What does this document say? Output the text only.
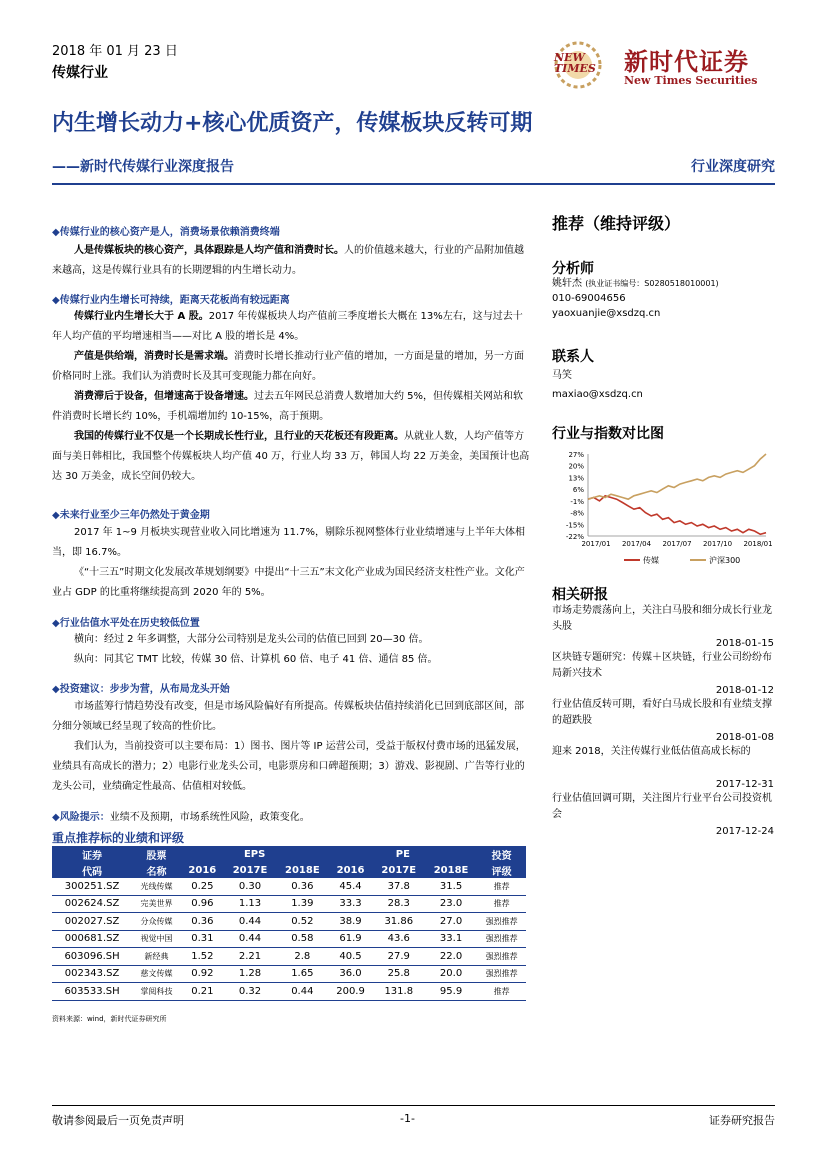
2018 年 01 月 23 日
传媒行业
NEW
TIMES 新时代证券
New Times Securities
内生增长动力+核心优质资产，传媒板块反转可期
——新时代传媒行业深度报告	行业深度研究
◆传媒行业的核心资产是人，消费场景依赖消费终端

人是传媒板块的核心资产，具体跟踪是人均产值和消费时长。人的价值越来越大，行业的产品附加值越来越高，这是传媒行业具有的长期逻辑的内生增长动力。

◆传媒行业内生增长可持续，距离天花板尚有较远距离

传媒行业内生增长大于 A 股。2017 年传媒板块人均产值前三季度增长大概在 13%左右，这与过去十年人均产值的平均增速相当——对比 A 股的增长是 4%。

产值是供给端，消费时长是需求端。消费时长增长推动行业产值的增加，一方面是量的增加，另一方面价格同时上涨。我们认为消费时长及其可变现能力都在向好。

消费滞后于设备，但增速高于设备增速。过去五年网民总消费人数增加大约 5%，但传媒相关网站和软件消费时长增长约 10%，手机端增加约 10-15%，高于预期。

我国的传媒行业不仅是一个长期成长性行业，且行业的天花板还有段距离。从就业人数，人均产值等方面与美日韩相比，我国整个传媒板块人均产值 40 万，行业人均 33 万，韩国人均 22 万美金，美国预计也高达 30 万美金，成长空间仍较大。

◆未来行业至少三年仍然处于黄金期

2017 年 1~9 月板块实现营业收入同比增速为 11.7%，剔除乐视网整体行业业绩增速与上半年大体相当，即 16.7%。

《“十三五”时期文化发展改革规划纲要》中提出“十三五”末文化产业成为国民经济支柱性产业。文化产业占 GDP 的比重将继续提高到 2020 年的 5%。

◆行业估值水平处在历史较低位置

横向：经过 2 年多调整，大部分公司特别是龙头公司的估值已回到 20—30 倍。

纵向：同其它 TMT 比较，传媒 30 倍、计算机 60 倍、电子 41 倍、通信 85 倍。

◆投资建议：步步为营，从布局龙头开始

市场蓝筹行情趋势没有改变，但是市场风险偏好有所提高。传媒板块估值持续消化已回到底部区间，部分细分领域已经呈现了较高的性价比。

我们认为，当前投资可以主要布局：1）图书、图片等 IP 运营公司，受益于版权付费市场的迅猛发展，业绩具有高成长的潜力；2）电影行业龙头公司，电影票房和口碑超预期；3）游戏、影视剧、广告等行业的龙头公司，业绩确定性最高、估值相对较低。

◆风险提示：业绩不及预期，市场系统性风险，政策变化。
重点推荐标的业绩和评级
证券	股票	EPS			PE			投资
代码	名称	2016	2017E	2018E	2016	2017E	2018E	评级
300251.SZ	光线传媒	0.25	0.30	0.36	45.4	37.8	31.5	推荐
002624.SZ	完美世界	0.96	1.13	1.39	33.3	28.3	23.0	推荐
002027.SZ	分众传媒	0.36	0.44	0.52	38.9	31.86	27.0	强烈推荐
000681.SZ	视觉中国	0.31	0.44	0.58	61.9	43.6	33.1	强烈推荐
603096.SH	新经典	1.52	2.21	2.8	40.5	27.9	22.0	强烈推荐
002343.SZ	慈文传媒	0.92	1.28	1.65	36.0	25.8	20.0	强烈推荐
603533.SH	掌阅科技	0.21	0.32	0.44	200.9	131.8	95.9	推荐
资料来源：wind，新时代证券研究所
推荐（维持评级）
分析师
姚轩杰 (执业证书编号：S0280518010001)
010-69004656
yaoxuanjie@xsdzq.cn
联系人
马笑
maxiao@xsdzq.cn
行业与指数对比图
27%
20%
13%
6%
-1%
-8%
-15%
-22%
2017/01 2017/04 2017/07 2017/10 2018/01
传媒	沪深300
相关研报
市场走势震荡向上，关注白马股和细分成长行业龙头股
2018-01-15
区块链专题研究：传媒＋区块链，行业公司纷纷布局新兴技术
2018-01-12
行业估值反转可期，看好白马成长股和有业绩支撑的超跌股
2018-01-08
迎来 2018，关注传媒行业低估值高成长标的
2017-12-31
行业估值回调可期，关注图片行业平台公司投资机会
2017-12-24
敬请参阅最后一页免责声明	-1-	证券研究报告
